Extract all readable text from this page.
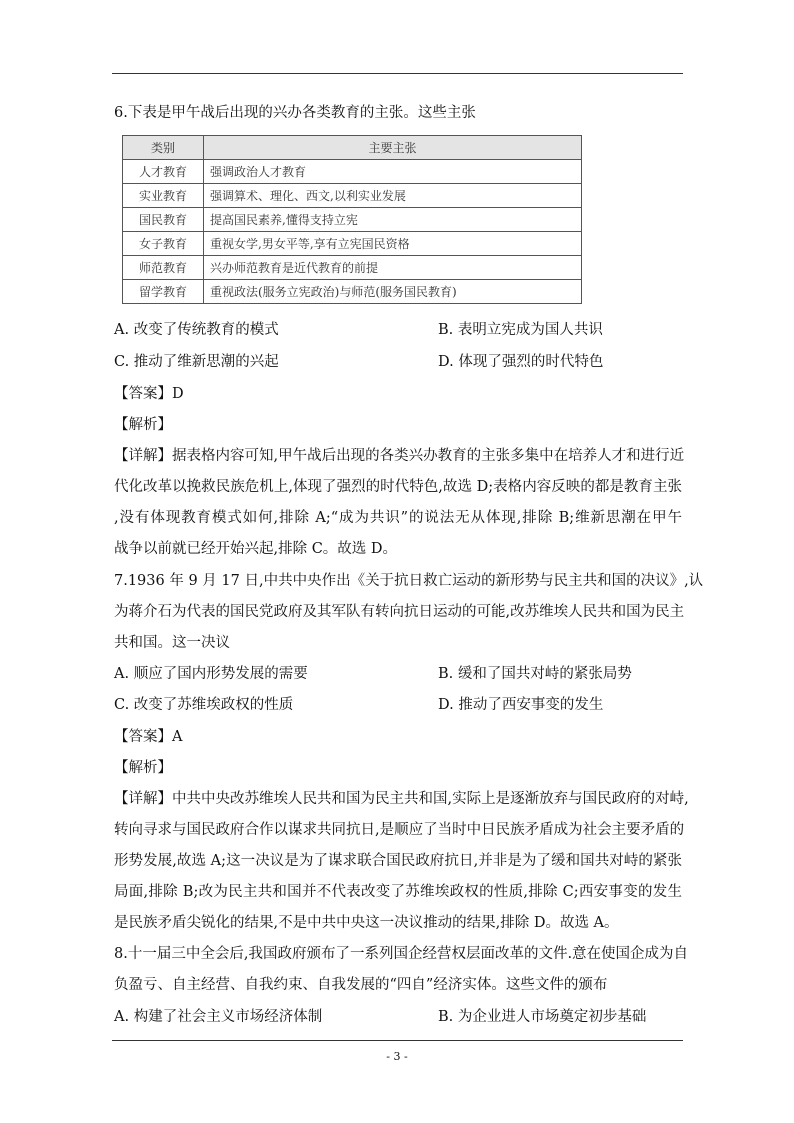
6.下表是甲午战后出现的兴办各类教育的主张。这些主张
类别	主要主张
人才教育	强调政治人才教育
实业教育	强调算术、理化、西文,以利实业发展
国民教育	提高国民素养,懂得支持立宪
女子教育	重视女学,男女平等,享有立宪国民资格
师范教育	兴办师范教育是近代教育的前提
留学教育	重视政法(服务立宪政治)与师范(服务国民教育)
A. 改变了传统教育的模式	B. 表明立宪成为国人共识
C. 推动了维新思潮的兴起	D. 体现了强烈的时代特色
【答案】D
【解析】
【详解】据表格内容可知,甲午战后出现的各类兴办教育的主张多集中在培养人才和进行近
代化改革以挽救民族危机上,体现了强烈的时代特色,故选 D;表格内容反映的都是教育主张
,没有体现教育模式如何,排除 A;“成为共识”的说法无从体现,排除 B;维新思潮在甲午
战争以前就已经开始兴起,排除 C。故选 D。
7.1936 年 9 月 17 日,中共中央作出《关于抗日救亡运动的新形势与民主共和国的决议》,认
为蒋介石为代表的国民党政府及其军队有转向抗日运动的可能,改苏维埃人民共和国为民主
共和国。这一决议
A. 顺应了国内形势发展的需要	B. 缓和了国共对峙的紧张局势
C. 改变了苏维埃政权的性质	D. 推动了西安事变的发生
【答案】A
【解析】
【详解】中共中央改苏维埃人民共和国为民主共和国,实际上是逐渐放弃与国民政府的对峙,
转向寻求与国民政府合作以谋求共同抗日,是顺应了当时中日民族矛盾成为社会主要矛盾的
形势发展,故选 A;这一决议是为了谋求联合国民政府抗日,并非是为了缓和国共对峙的紧张
局面,排除 B;改为民主共和国并不代表改变了苏维埃政权的性质,排除 C;西安事变的发生
是民族矛盾尖锐化的结果,不是中共中央这一决议推动的结果,排除 D。故选 A。
8.十一届三中全会后,我国政府颁布了一系列国企经营权层面改革的文件.意在使国企成为自
负盈亏、自主经营、自我约束、自我发展的“四自”经济实体。这些文件的颁布
A. 构建了社会主义市场经济体制	B. 为企业进人市场奠定初步基础
- 3 -
